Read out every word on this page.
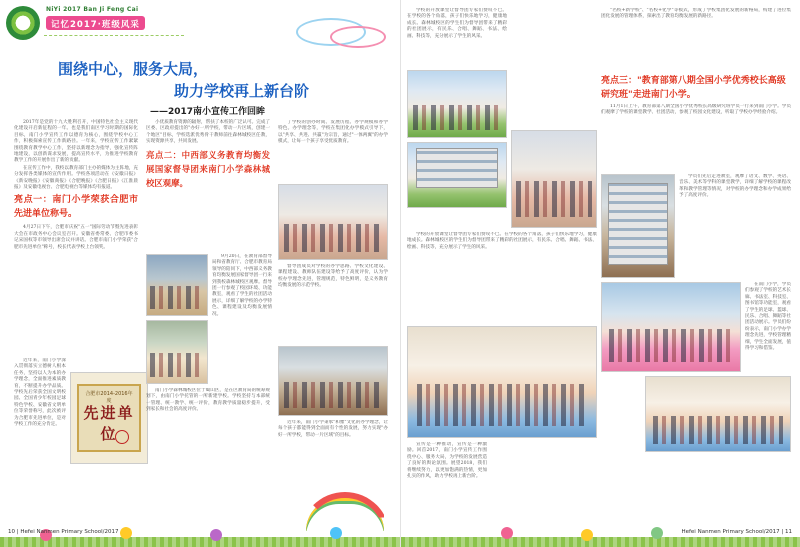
NiYi 2017 Ban Ji Feng Cai
记忆2017·班级风采
围绕中心，服务大局，
助力学校再上新台阶
——2017南小宣传工作回眸

2017年是党的十九大胜利召开，中国特色社会主义现代化建设开启新征程的一年。也是我们南区学习时期的国际化目标，南门小学宣传工作以德育为核心，围绕学校中心工作，积极探索宣传工作新路径。一年来，学校宣传工作紧紧围绕教育教学中心工作，坚持以新理念为指导，强化宣传阵地建设，以创新谋求发展，提高宣传水平，为推进学校教育教学工作的开展作出了新的贡献。

在宣传工作中，我校以教育部门主办的媒体为主阵地，充分发挥各类媒体的宣传作用。学校各项活动在《安徽日报》《新安晚报》《安徽商报》《合肥晚报》《合肥日报》《江淮晨报》及安徽电视台、合肥电视台等媒体均有报道。

亮点一：南门小学荣获合肥市先进单位称号。

4月27日下午，合肥市庆祝"五一"国际劳动节暨先进表彰大会在市政务中心会议室召开。安徽省委常委、合肥市委书记宋国权等市领导出席会议并讲话。合肥市南门小学荣获"合肥市先进单位"称号，校长代表学校上台领奖。

近年来，南门小学深入贯彻落实立德树人根本任务，坚持以人为本的办学理念，全面推进素质教育，不断提升办学品质。学校先后荣获全国文明校园、全国青少年校园足球特色学校、安徽省文明单位等荣誉称号，此次被评为合肥市先进单位，是对学校工作的充分肯定。

合肥市2014-2016年度
先进单位

小优质教育资源的辐射，帮扶了本校的广泛认可。完成了区委、区政府提出的"办好一所学校，带动一片区域，创建一个地区"目标，学校选派优秀骨干教师前往森林城校区任教，实现资源共享，共同发展。

亮点二：中西部义务教育均衡发展国家督导团来南门小学森林城校区观摩。

9月20日，在教育部督导局和省教育厅、合肥市教育局领导的陪同下，中西部义务教育均衡发展国家督导团一行来到我校森林城校区观摩。督导团一行参观了校园环境、功能教室，观看了学生的社团活动展示，详细了解学校的办学特色、课程建设及均衡发展情况。

南门小学森林城校区位于蜀山区，是在区教育局的统筹规划下，由南门小学托管的一所新建学校。学校坚持与本部统一管理、统一教学、统一评价，教育教学质量稳步提升，受到家长和社会的高度评价。

了学校的创办时间、发展历程、办学规模和办学特色。办学理念等，学校在集团化办学模式引导下，以"共享、共进、共赢"为宗旨，通过"一体两翼"的办学模式，让每一个孩子享受优质教育。

督导团成员对学校的办学思路、学校文化建设、课程建设、教师队伍建设等给予了高度评价，认为学校办学理念先进，管理规范，特色鲜明，是义务教育均衡发展的示范学校。

近年来，南门小学秉承"和雅"文化的办学理念，让每个孩子都能得到全面而有个性的发展，努力实现"办好一所学校，带动一片区域"的目标。

10 | Hefei Nanmen Primary School/2017

学校的开放课堂让督导团专家们赞叹不已。在学校的各个角落，孩子们快乐地学习，健康地成长。森林城校区的学生们为督导团带来了精彩的社团展示，有民乐、合唱、舞蹈、书法、绘画、科技等，充分展示了学生的风采。

"名校+新学校"、"名校+化学"等模式，形成了学校集团化发展的新格局，构建了进位集团化发展的管理体系，探索出了教育均衡发展的新路径。

亮点三："教育部第八期全国小学优秀校长高级研究班"走进南门小学。

11月1日上午，教育部第八期全国小学优秀校长高级研究班学员一行来到南门小学。学员们观摩了学校的课堂教学、社团活动，参观了校园文化建设，听取了学校办学经验介绍。

学员们先后走进教室，观摩了语文、数学、英语、音乐、美术等学科的课堂教学，详细了解学校的课程改革和教学管理等情况，对学校的办学理念和办学成果给予了高度评价。

学校的开放课堂让督导团专家们赞叹不已。在学校的各个角落，孩子们快乐地学习，健康地成长。森林城校区的学生们为督导团带来了精彩的社团展示，有民乐、合唱、舞蹈、书法、绘画、科技等，充分展示了学生的风采。

在南门小学，学员们参观了学校的艺术长廊、书法室、科技室、图书馆等功能室，观看了学生的足球、篮球、民乐、合唱、舞蹈等社团活动展示。学员们纷纷表示，南门小学办学理念先进，学校管理精细，学生全面发展，值得学习和借鉴。

宣传是一种推动，宣传是一种激励。回首2017，南门小学宣传工作围绕中心、服务大局，为学校的发展营造了良好的舆论氛围。展望2018，我们将继续努力，以更加饱满的热情，更加扎实的作风，助力学校再上新台阶。

Hefei Nanmen Primary School/2017 | 11
